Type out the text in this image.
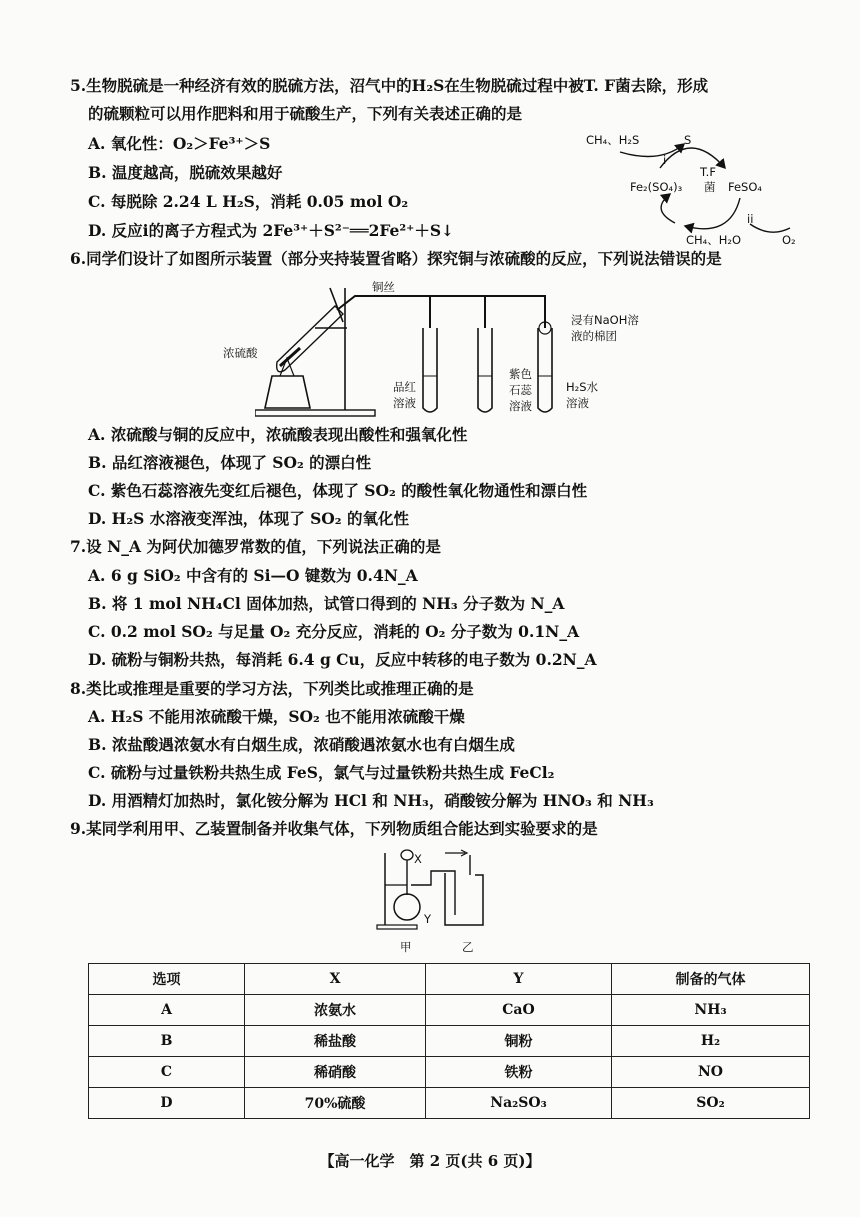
5.生物脱硫是一种经济有效的脱硫方法，沼气中的H₂S在生物脱硫过程中被T. F菌去除，形成
的硫颗粒可以用作肥料和用于硫酸生产，下列有关表述正确的是
A. 氧化性：O₂＞Fe³⁺＞S
B. 温度越高，脱硫效果越好
C. 每脱除 2.24 L H₂S，消耗 0.05 mol O₂
D. 反应ⅰ的离子方程式为 2Fe³⁺＋S²⁻══2Fe²⁺＋S↓
CH₄、H₂S	S
i
T.F
菌
Fe₂(SO₄)₃	FeSO₄
ii
CH₄、H₂O	O₂
6.同学们设计了如图所示装置（部分夹持装置省略）探究铜与浓硫酸的反应，下列说法错误的是
铜丝
浸有NaOH溶
液的棉团
浓硫酸
品红
溶液
紫色
石蕊
溶液
H₂S水
溶液
A. 浓硫酸与铜的反应中，浓硫酸表现出酸性和强氧化性
B. 品红溶液褪色，体现了 SO₂ 的漂白性
C. 紫色石蕊溶液先变红后褪色，体现了 SO₂ 的酸性氧化物通性和漂白性
D. H₂S 水溶液变浑浊，体现了 SO₂ 的氧化性
7.设 N_A 为阿伏加德罗常数的值，下列说法正确的是
A. 6 g SiO₂ 中含有的 Si—O 键数为 0.4N_A
B. 将 1 mol NH₄Cl 固体加热，试管口得到的 NH₃ 分子数为 N_A
C. 0.2 mol SO₂ 与足量 O₂ 充分反应，消耗的 O₂ 分子数为 0.1N_A
D. 硫粉与铜粉共热，每消耗 6.4 g Cu，反应中转移的电子数为 0.2N_A
8.类比或推理是重要的学习方法，下列类比或推理正确的是
A. H₂S 不能用浓硫酸干燥，SO₂ 也不能用浓硫酸干燥
B. 浓盐酸遇浓氨水有白烟生成，浓硝酸遇浓氨水也有白烟生成
C. 硫粉与过量铁粉共热生成 FeS，氯气与过量铁粉共热生成 FeCl₂
D. 用酒精灯加热时，氯化铵分解为 HCl 和 NH₃，硝酸铵分解为 HNO₃ 和 NH₃
9.某同学利用甲、乙装置制备并收集气体，下列物质组合能达到实验要求的是
X
Y
甲	乙
选项	X	Y	制备的气体
A	浓氨水	CaO	NH₃
B	稀盐酸	铜粉	H₂
C	稀硝酸	铁粉	NO
D	70%硫酸	Na₂SO₃	SO₂
【高一化学　第 2 页(共 6 页)】
